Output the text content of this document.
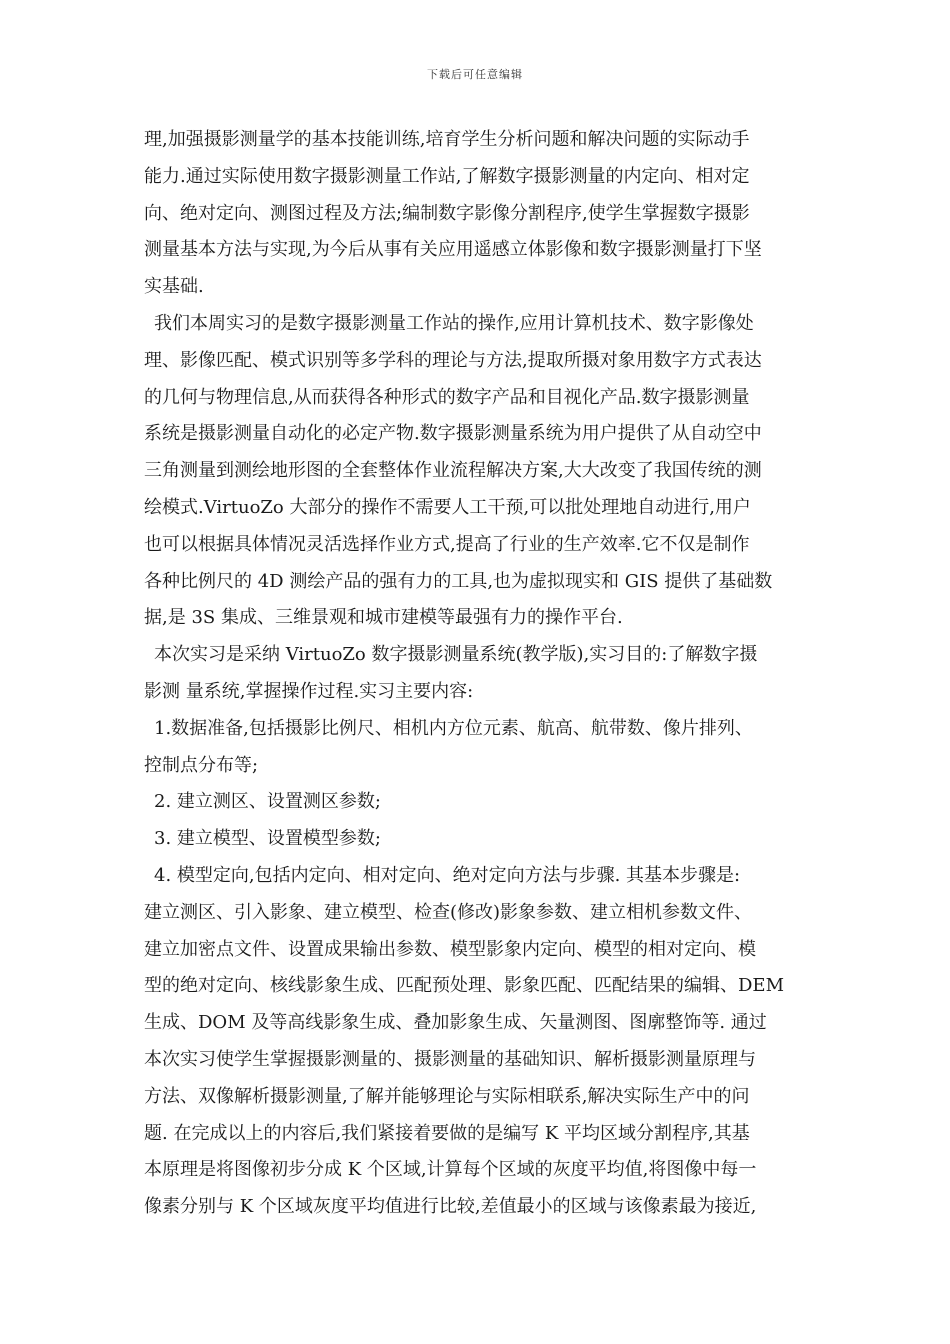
下载后可任意编辑
理,加强摄影测量学的基本技能训练,培育学生分析问题和解决问题的实际动手
能力.通过实际使用数字摄影测量工作站,了解数字摄影测量的内定向、相对定
向、绝对定向、测图过程及方法;编制数字影像分割程序,使学生掌握数字摄影
测量基本方法与实现,为今后从事有关应用遥感立体影像和数字摄影测量打下坚
实基础.
我们本周实习的是数字摄影测量工作站的操作,应用计算机技术、数字影像处
理、影像匹配、模式识别等多学科的理论与方法,提取所摄对象用数字方式表达
的几何与物理信息,从而获得各种形式的数字产品和目视化产品.数字摄影测量
系统是摄影测量自动化的必定产物.数字摄影测量系统为用户提供了从自动空中
三角测量到测绘地形图的全套整体作业流程解决方案,大大改变了我国传统的测
绘模式.VirtuoZo 大部分的操作不需要人工干预,可以批处理地自动进行,用户
也可以根据具体情况灵活选择作业方式,提高了行业的生产效率.它不仅是制作
各种比例尺的 4D 测绘产品的强有力的工具,也为虚拟现实和 GIS 提供了基础数
据,是 3S 集成、三维景观和城市建模等最强有力的操作平台.
本次实习是采纳 VirtuoZo 数字摄影测量系统(教学版),实习目的:了解数字摄
影测 量系统,掌握操作过程.实习主要内容:
1.数据准备,包括摄影比例尺、相机内方位元素、航高、航带数、像片排列、
控制点分布等;
2. 建立测区、设置测区参数;
3. 建立模型、设置模型参数;
4. 模型定向,包括内定向、相对定向、绝对定向方法与步骤. 其基本步骤是:
建立测区、引入影象、建立模型、检查(修改)影象参数、建立相机参数文件、
建立加密点文件、设置成果输出参数、模型影象内定向、模型的相对定向、模
型的绝对定向、核线影象生成、匹配预处理、影象匹配、匹配结果的编辑、DEM
生成、DOM 及等高线影象生成、叠加影象生成、矢量测图、图廓整饰等. 通过
本次实习使学生掌握摄影测量的、摄影测量的基础知识、解析摄影测量原理与
方法、双像解析摄影测量,了解并能够理论与实际相联系,解决实际生产中的问
题. 在完成以上的内容后,我们紧接着要做的是编写 K 平均区域分割程序,其基
本原理是将图像初步分成 K 个区域,计算每个区域的灰度平均值,将图像中每一
像素分别与 K 个区域灰度平均值进行比较,差值最小的区域与该像素最为接近,
